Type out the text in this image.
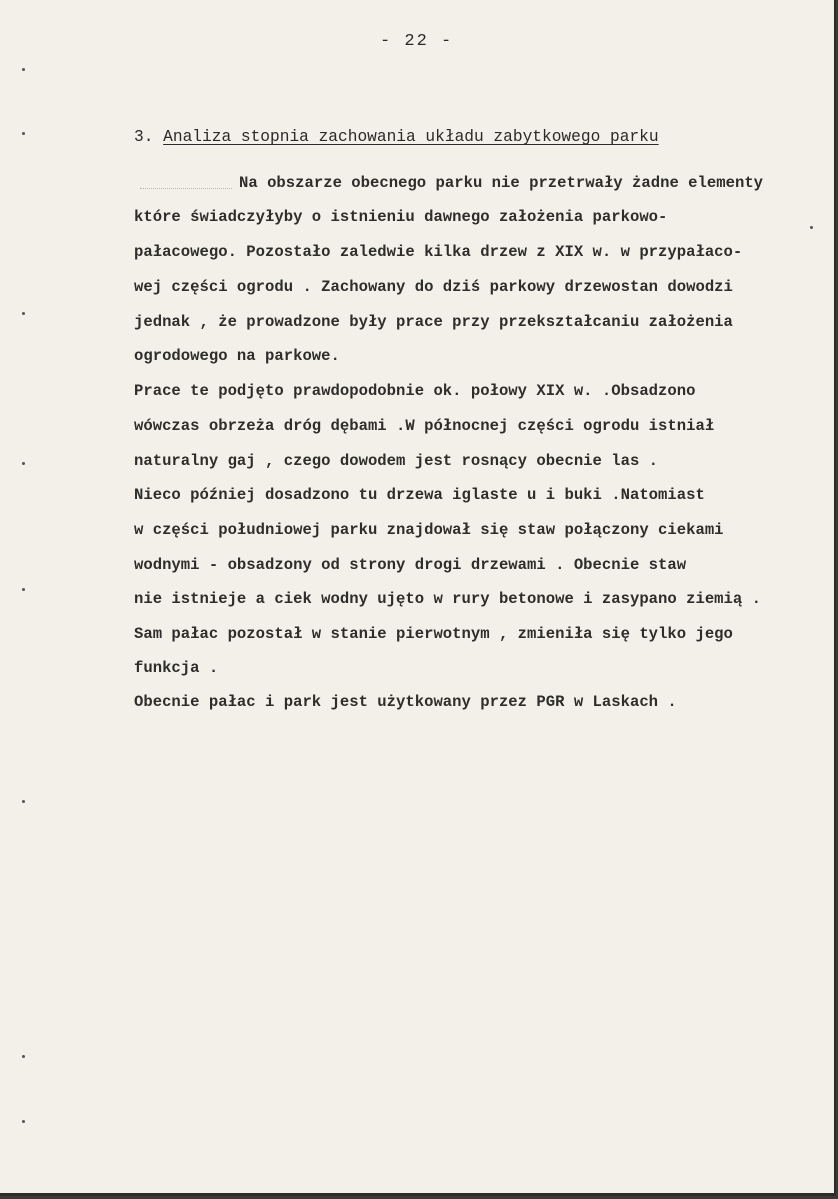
- 22 -
3. Analiza stopnia zachowania układu zabytkowego parku
Na obszarze obecnego parku nie przetrwały żadne elementy
które świadczyłyby o istnieniu dawnego założenia parkowo-
pałacowego. Pozostało zaledwie kilka drzew z XIX w. w przypałaco-
wej części ogrodu . Zachowany do dziś parkowy drzewostan dowodzi
jednak , że prowadzone były prace przy przekształcaniu założenia
ogrodowego na parkowe.
Prace te podjęto prawdopodobnie ok. połowy XIX w. .Obsadzono
wówczas obrzeża dróg dębami .W północnej części ogrodu istniał
naturalny gaj , czego dowodem jest rosnący obecnie las .
Nieco później dosadzono tu drzewa iglaste u i buki .Natomiast
w części południowej parku znajdował się staw połączony ciekami
wodnymi - obsadzony od strony drogi drzewami . Obecnie staw
nie istnieje a ciek wodny ujęto w rury betonowe i zasypano ziemią .
Sam pałac pozostał w stanie pierwotnym , zmieniła się tylko jego
funkcja .
Obecnie pałac i park jest użytkowany przez PGR w Laskach .
